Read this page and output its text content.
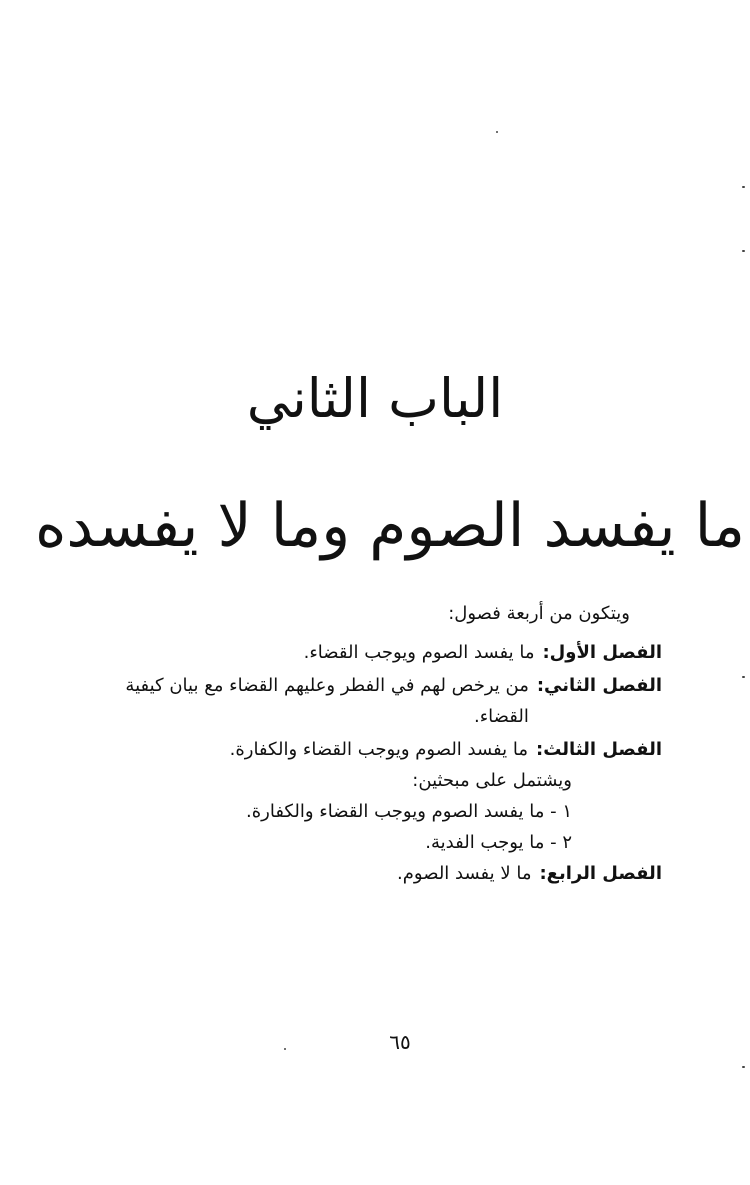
الباب الثاني
ما يفسد الصوم وما لا يفسده
ويتكون من أربعة فصول:
الفصل الأول:
ما يفسد الصوم ويوجب القضاء.
الفصل الثاني:
من يرخص لهم في الفطر وعليهم القضاء مع بيان كيفية القضاء.
الفصل الثالث:
ما يفسد الصوم ويوجب القضاء والكفارة.
ويشتمل على مبحثين:
١ - ما يفسد الصوم ويوجب القضاء والكفارة.
٢ - ما يوجب الفدية.
الفصل الرابع:
ما لا يفسد الصوم.
٦٥
